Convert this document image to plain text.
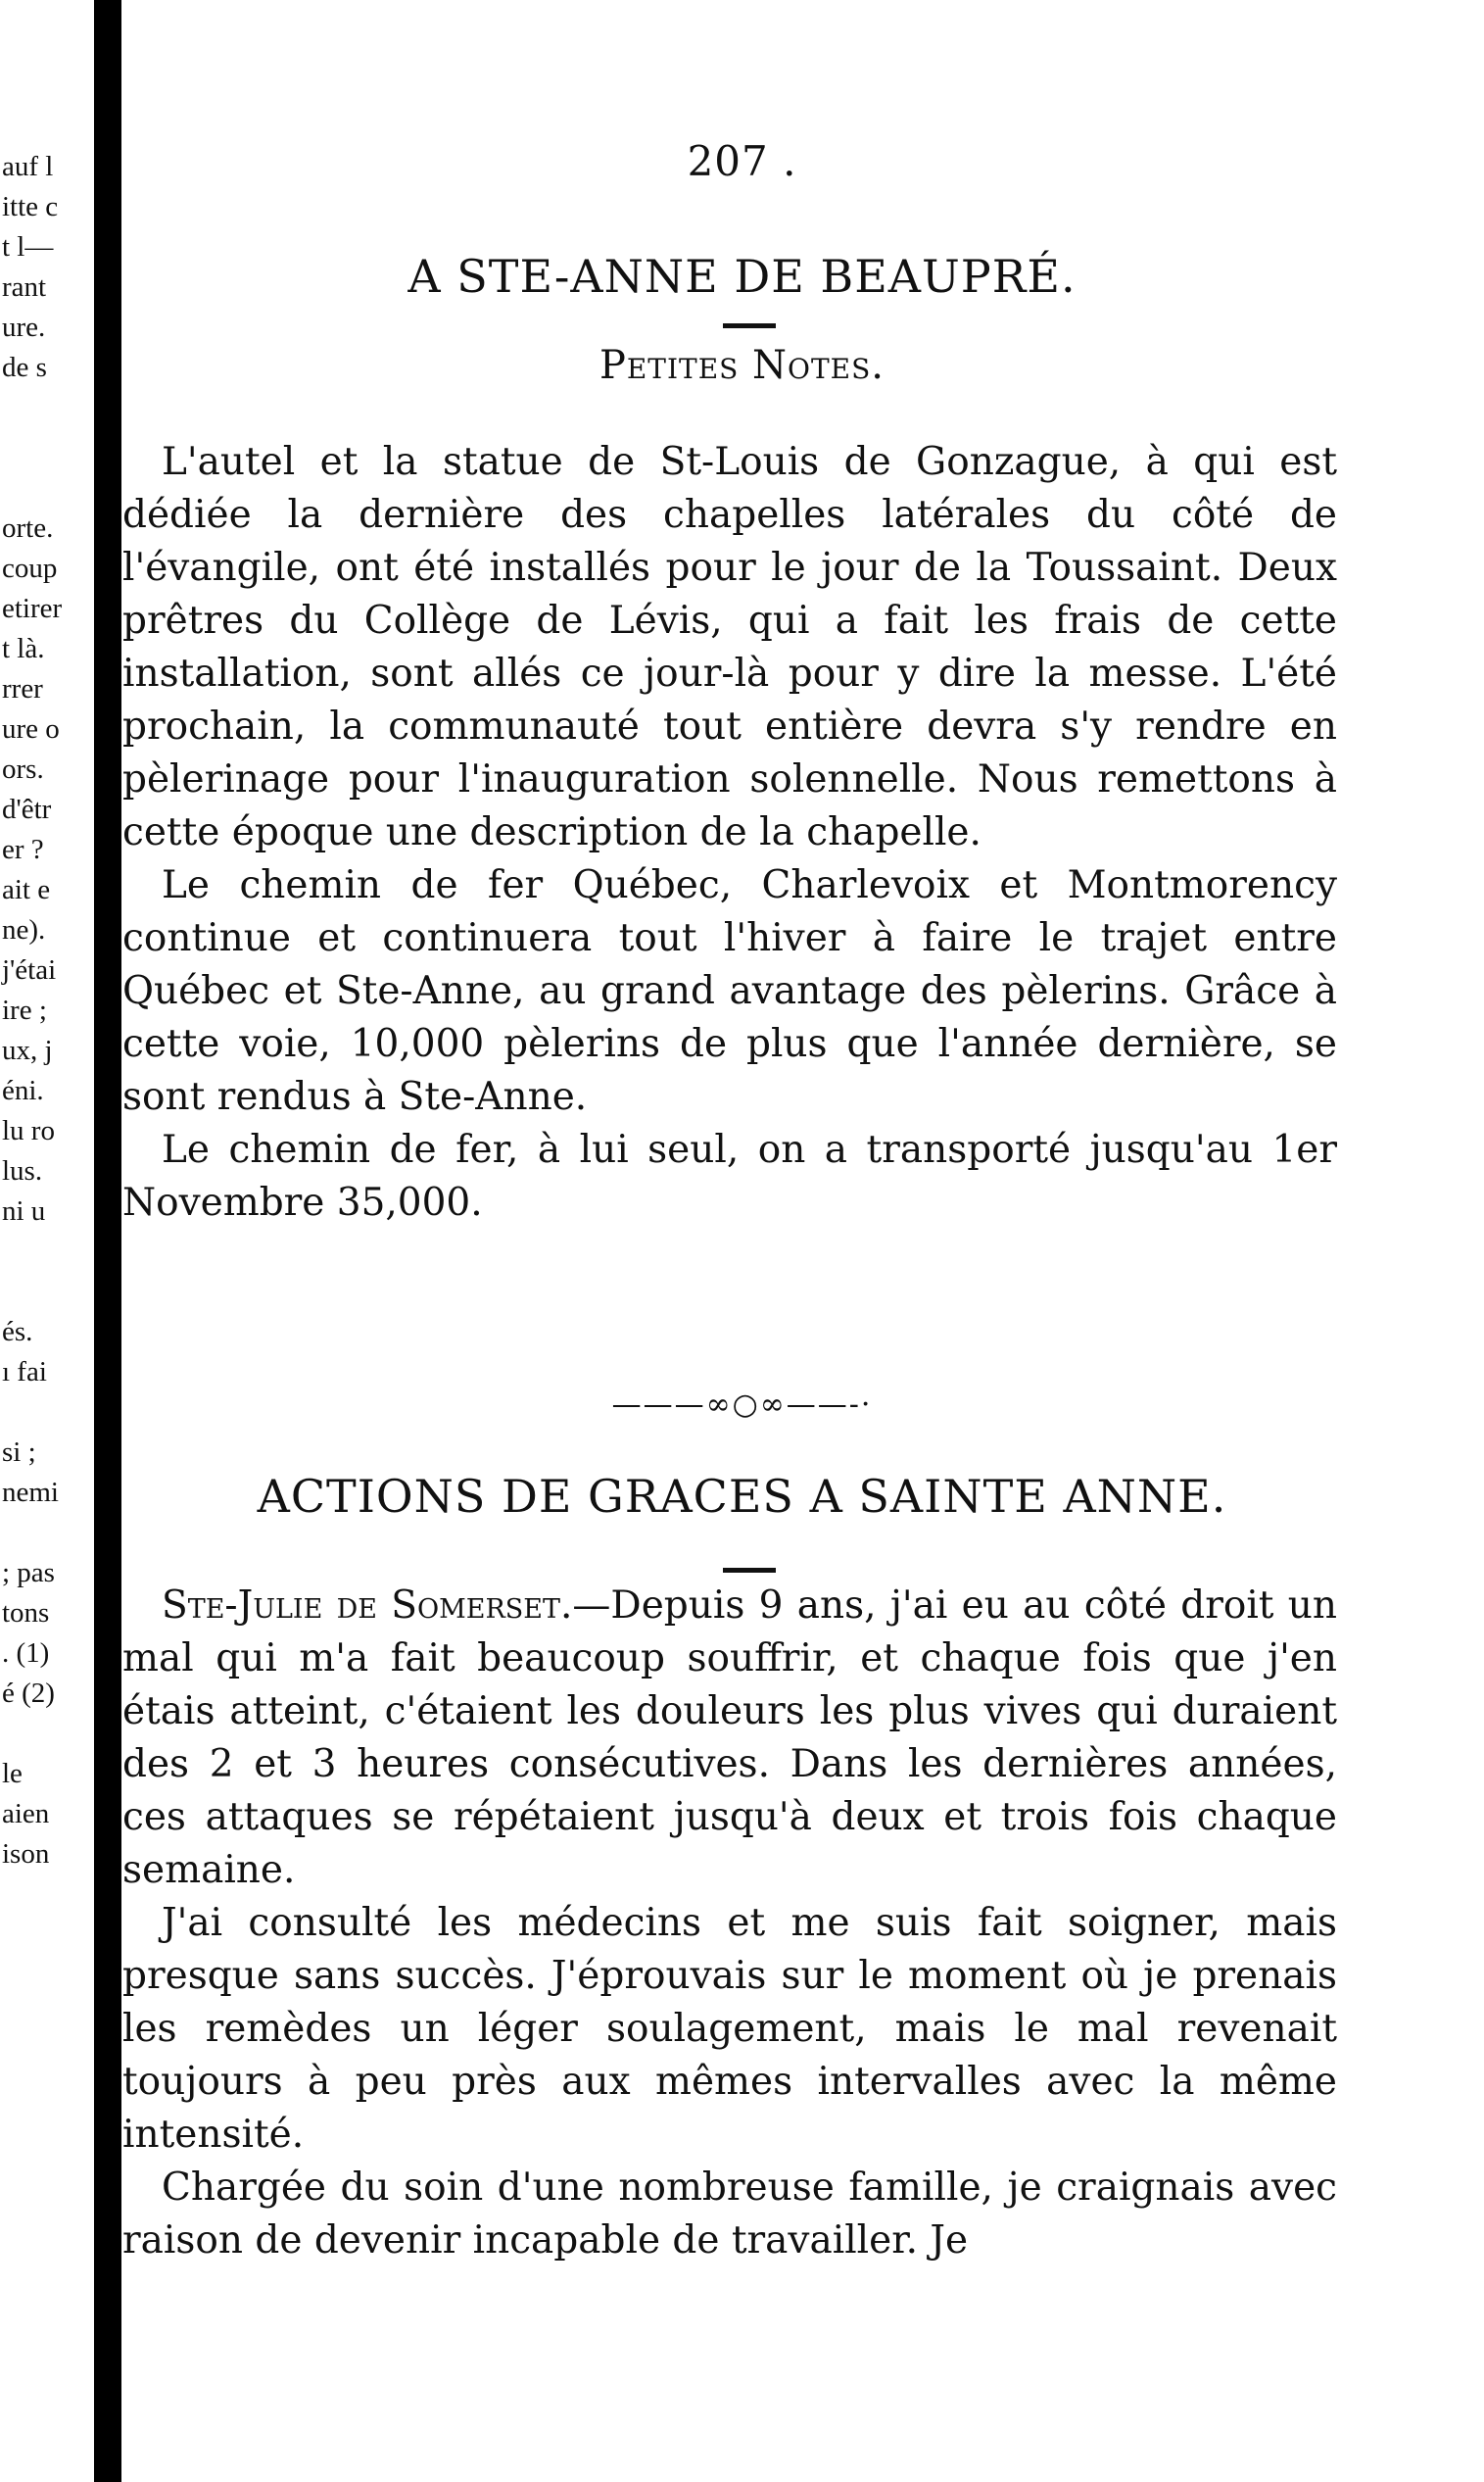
auf l
itte c
t l—
rant
ure.
de s
orte.
coup
etirer
t là.
rrer
ure o
ors.
d'êtr
er ?
ait e
ne).
j'étai
ire ;
ux, j
éni.
lu ro
lus.
ni u
és.
ı fai
si ;
nemi
; pas
tons
. (1)
é (2)
le
aien
ison
207 .
A STE-ANNE DE BEAUPRÉ.
Petites Notes.

L'autel et la statue de St-Louis de Gonzague, à qui est dédiée la dernière des chapelles latérales du côté de l'évangile, ont été installés pour le jour de la Toussaint. Deux prêtres du Collège de Lévis, qui a fait les frais de cette installation, sont allés ce jour-là pour y dire la messe. L'été prochain, la communauté tout entière devra s'y rendre en pèlerinage pour l'inauguration solennelle. Nous remettons à cette époque une description de la chapelle.

Le chemin de fer Québec, Charlevoix et Montmorency continue et continuera tout l'hiver à faire le trajet entre Québec et Ste-Anne, au grand avantage des pèlerins. Grâce à cette voie, 10,000 pèlerins de plus que l'année dernière, se sont rendus à Ste-Anne.

Le chemin de fer, à lui seul, on a transporté jusqu'au 1er Novembre 35,000.

———∞○∞——-·
ACTIONS DE GRACES A SAINTE ANNE.

Ste-Julie de Somerset.—Depuis 9 ans, j'ai eu au côté droit un mal qui m'a fait beaucoup souffrir, et chaque fois que j'en étais atteint, c'étaient les douleurs les plus vives qui duraient des 2 et 3 heures consécutives. Dans les dernières années, ces attaques se répétaient jusqu'à deux et trois fois chaque semaine.

J'ai consulté les médecins et me suis fait soigner, mais presque sans succès. J'éprouvais sur le moment où je prenais les remèdes un léger soulagement, mais le mal revenait toujours à peu près aux mêmes intervalles avec la même intensité.

Chargée du soin d'une nombreuse famille, je craignais avec raison de devenir incapable de travailler. Je
